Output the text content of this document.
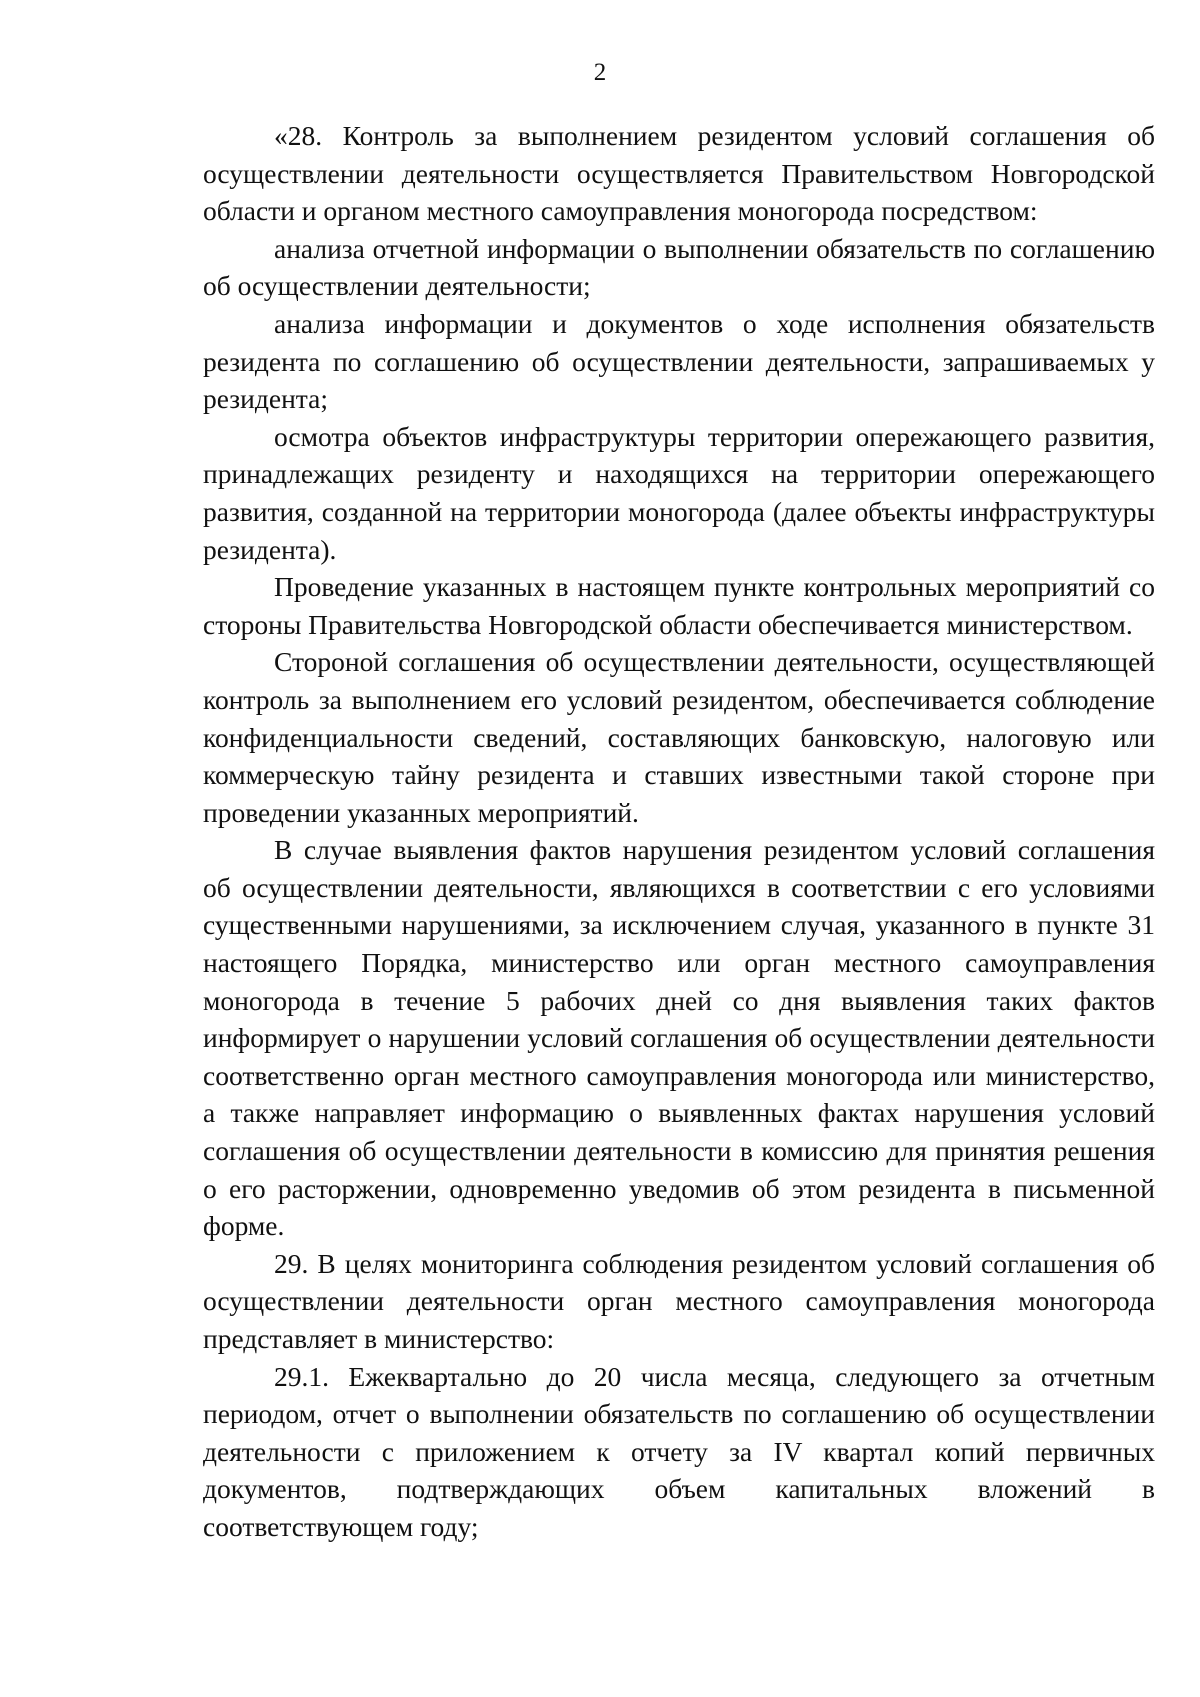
2

«28. Контроль за выполнением резидентом условий соглашения об осуществлении деятельности осуществляется Правительством Новгородской области и органом местного самоуправления моногорода посредством:

анализа отчетной информации о выполнении обязательств по соглашению об осуществлении деятельности;

анализа информации и документов о ходе исполнения обязательств резидента по соглашению об осуществлении деятельности, запрашиваемых у резидента;

осмотра объектов инфраструктуры территории опережающего развития, принадлежащих резиденту и находящихся на территории опережающего развития, созданной на территории моногорода (далее объекты инфраструктуры резидента).

Проведение указанных в настоящем пункте контрольных мероприятий со стороны Правительства Новгородской области обеспечивается министерством.

Стороной соглашения об осуществлении деятельности, осуществляющей контроль за выполнением его условий резидентом, обеспечивается соблюдение конфиденциальности сведений, составляющих банковскую, налоговую или коммерческую тайну резидента и ставших известными такой стороне при проведении указанных мероприятий.

В случае выявления фактов нарушения резидентом условий соглашения об осуществлении деятельности, являющихся в соответствии с его условиями существенными нарушениями, за исключением случая, указанного в пункте 31 настоящего Порядка, министерство или орган местного самоуправления моногорода в течение 5 рабочих дней со дня выявления таких фактов информирует о нарушении условий соглашения об осуществлении деятельности соответственно орган местного самоуправления моногорода или министерство, а также направляет информацию о выявленных фактах нарушения условий соглашения об осуществлении деятельности в комиссию для принятия решения о его расторжении, одновременно уведомив об этом резидента в письменной форме.

29. В целях мониторинга соблюдения резидентом условий соглашения об осуществлении деятельности орган местного самоуправления моногорода представляет в министерство:

29.1. Ежеквартально до 20 числа месяца, следующего за отчетным периодом, отчет о выполнении обязательств по соглашению об осуществлении деятельности с приложением к отчету за IV квартал копий первичных документов, подтверждающих объем капитальных вложений в соответствующем году;
